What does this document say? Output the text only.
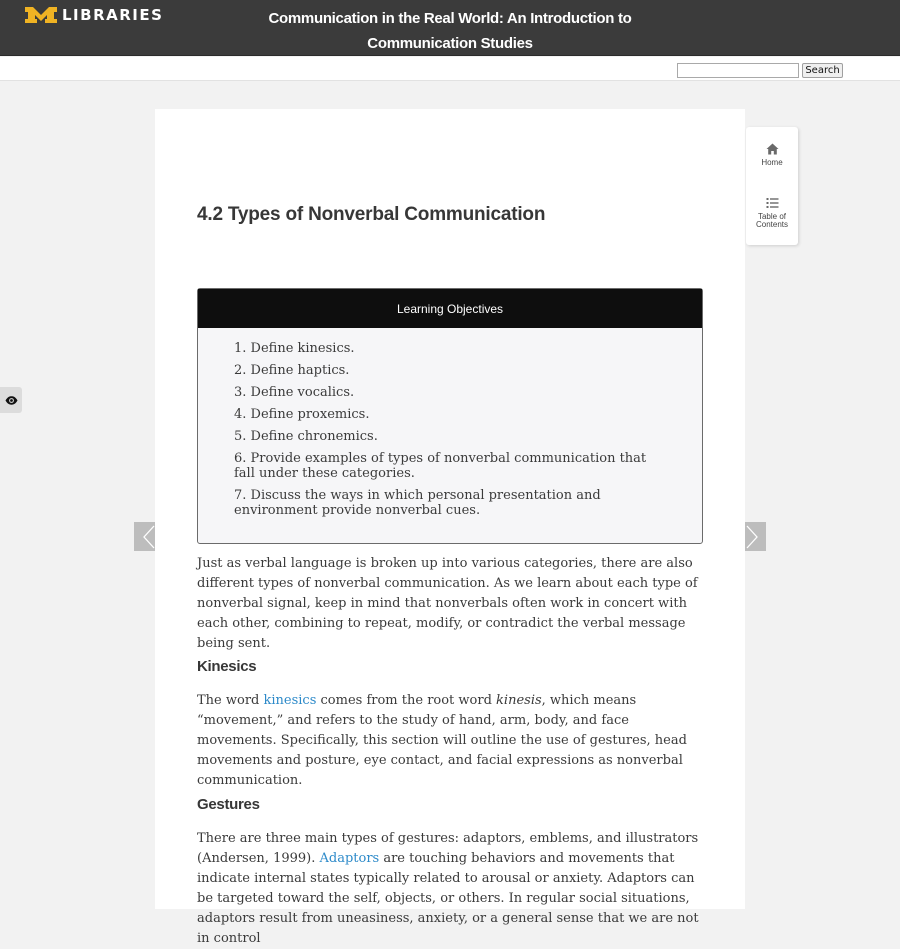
LIBRARIES	Communication in the Real World: An Introduction to Communication Studies
Search
4.2 Types of Nonverbal Communication
Learning Objectives
1. Define kinesics.
2. Define haptics.
3. Define vocalics.
4. Define proxemics.
5. Define chronemics.
6. Provide examples of types of nonverbal communication that fall under these categories.
7. Discuss the ways in which personal presentation and environment provide nonverbal cues.

Just as verbal language is broken up into various categories, there are also different types of nonverbal communication. As we learn about each type of nonverbal signal, keep in mind that nonverbals often work in concert with each other, combining to repeat, modify, or contradict the verbal message being sent.

Kinesics

The word kinesics comes from the root word kinesis, which means “movement,” and refers to the study of hand, arm, body, and face movements. Specifically, this section will outline the use of gestures, head movements and posture, eye contact, and facial expressions as nonverbal communication.

Gestures

There are three main types of gestures: adaptors, emblems, and illustrators (Andersen, 1999). Adaptors are touching behaviors and movements that indicate internal states typically related to arousal or anxiety. Adaptors can be targeted toward the self, objects, or others. In regular social situations, adaptors result from uneasiness, anxiety, or a general sense that we are not in control

Home
Table of Contents
